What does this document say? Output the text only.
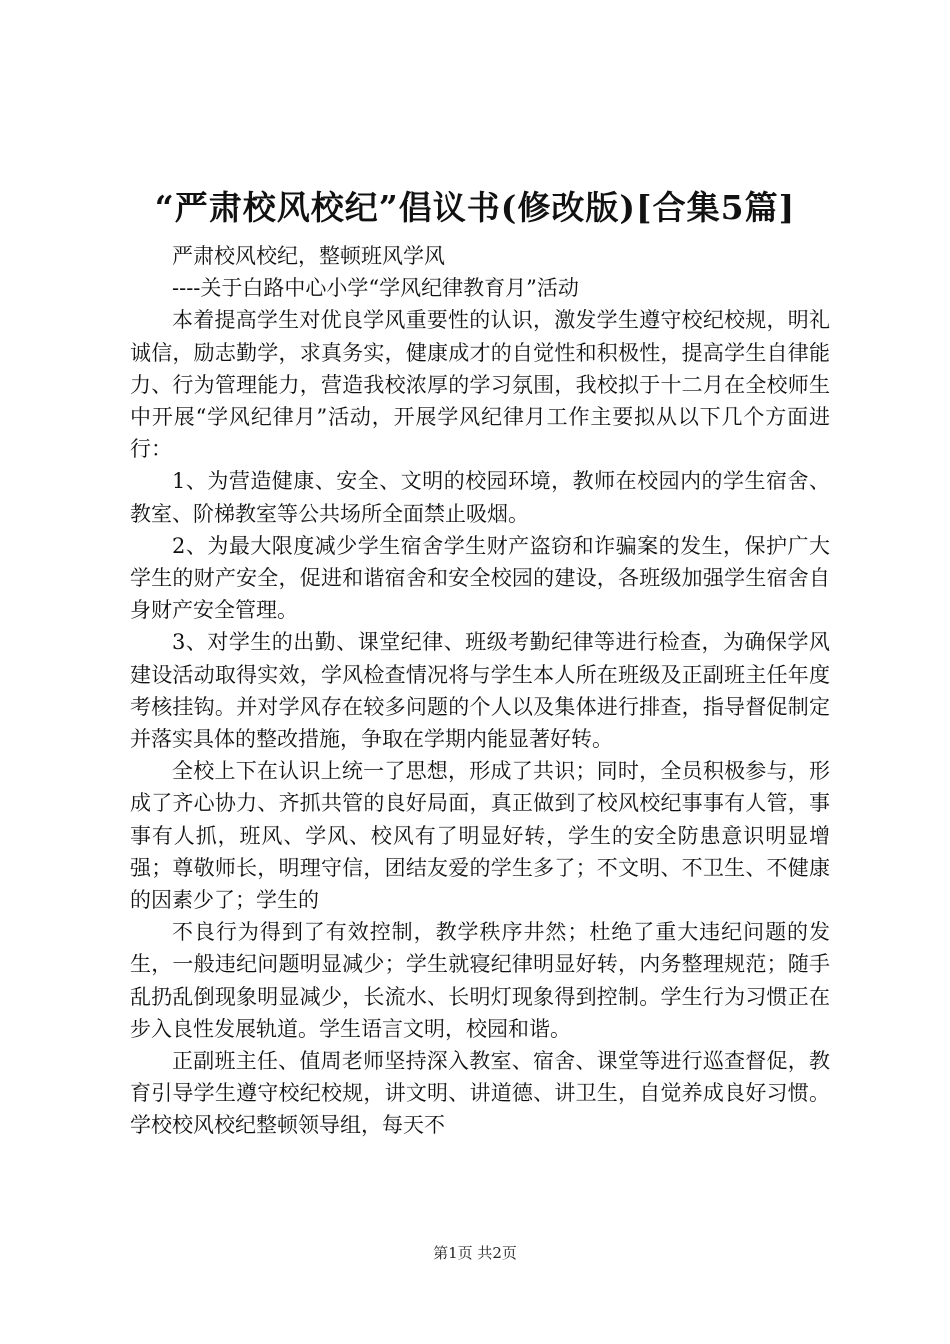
“严肃校风校纪”倡议书(修改版)[合集5篇]

严肃校风校纪，整顿班风学风

----关于白路中心小学“学风纪律教育月”活动

本着提高学生对优良学风重要性的认识，激发学生遵守校纪校规，明礼诚信，励志勤学，求真务实，健康成才的自觉性和积极性，提高学生自律能力、行为管理能力，营造我校浓厚的学习氛围，我校拟于十二月在全校师生中开展“学风纪律月”活动，开展学风纪律月工作主要拟从以下几个方面进行：

1、为营造健康、安全、文明的校园环境，教师在校园内的学生宿舍、教室、阶梯教室等公共场所全面禁止吸烟。

2、为最大限度减少学生宿舍学生财产盗窃和诈骗案的发生，保护广大学生的财产安全，促进和谐宿舍和安全校园的建设，各班级加强学生宿舍自身财产安全管理。

3、对学生的出勤、课堂纪律、班级考勤纪律等进行检查，为确保学风建设活动取得实效，学风检查情况将与学生本人所在班级及正副班主任年度考核挂钩。并对学风存在较多问题的个人以及集体进行排查，指导督促制定并落实具体的整改措施，争取在学期内能显著好转。

全校上下在认识上统一了思想，形成了共识；同时，全员积极参与，形成了齐心协力、齐抓共管的良好局面，真正做到了校风校纪事事有人管，事事有人抓，班风、学风、校风有了明显好转，学生的安全防患意识明显增强；尊敬师长，明理守信，团结友爱的学生多了；不文明、不卫生、不健康的因素少了；学生的

不良行为得到了有效控制，教学秩序井然；杜绝了重大违纪问题的发生，一般违纪问题明显减少；学生就寝纪律明显好转，内务整理规范；随手乱扔乱倒现象明显减少，长流水、长明灯现象得到控制。学生行为习惯正在步入良性发展轨道。学生语言文明，校园和谐。

正副班主任、值周老师坚持深入教室、宿舍、课堂等进行巡查督促，教育引导学生遵守校纪校规，讲文明、讲道德、讲卫生，自觉养成良好习惯。学校校风校纪整顿领导组，每天不

第1页 共2页
